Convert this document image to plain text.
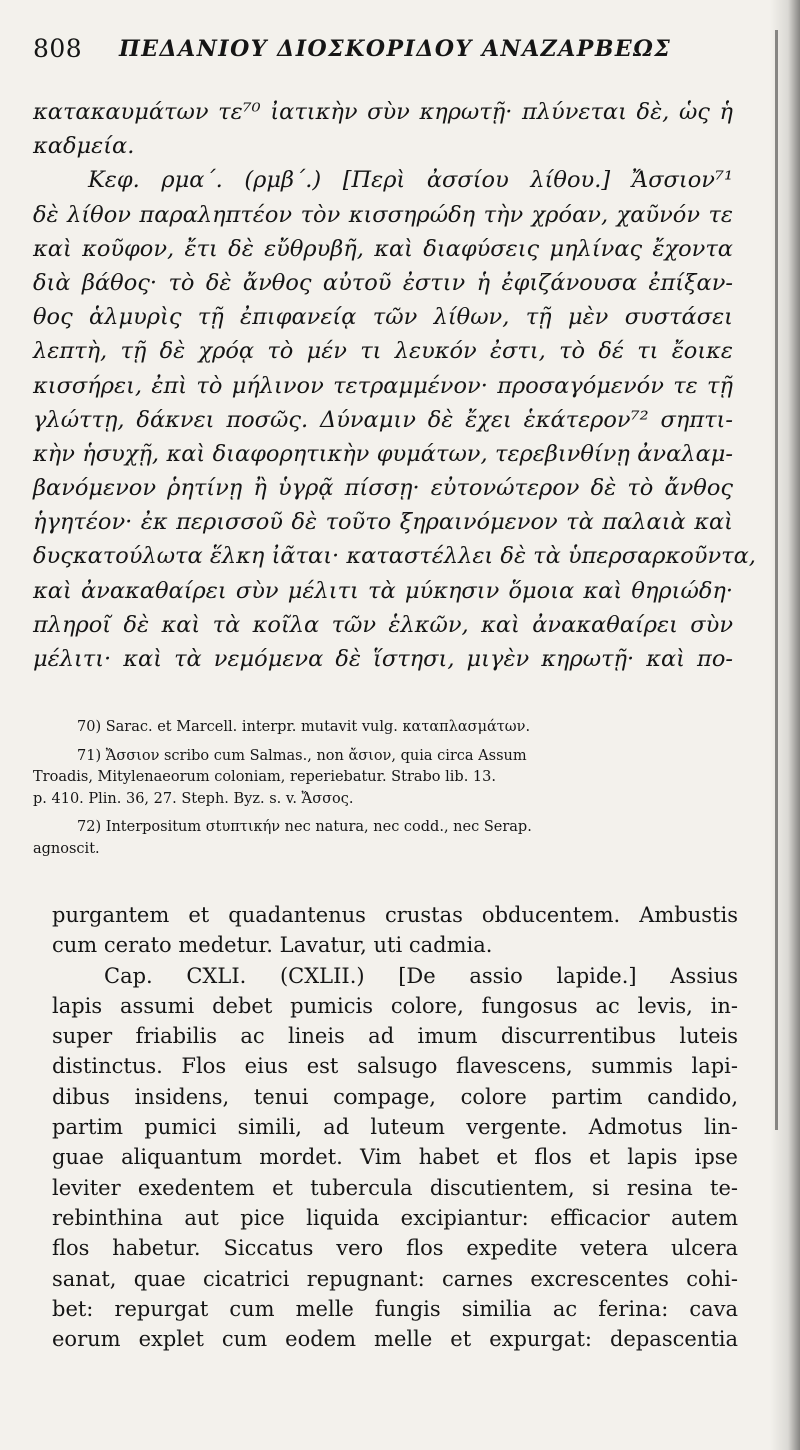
808 ΠΕΔΑΝΙΟΥ ΔΙΟΣΚΟΡΙΔΟΥ ΑΝΑΖΑΡΒΕΩΣ
κατακαυμάτων τε⁷⁰ ἰατικὴν σὺν κηρωτῇ· πλύνεται δὲ, ὡς ἡ
καδμεία.
Κεφ. ρμα΄. (ρμβ΄.) [Περὶ ἀσσίου λίθου.] Ἄσσιον⁷¹
δὲ λίθον παραληπτέον τὸν κισσηρώδη τὴν χρόαν, χαῦνόν τε
καὶ κοῦφον, ἔτι δὲ εὔθρυβῆ, καὶ διαφύσεις μηλίνας ἔχοντα
διὰ βάθος· τὸ δὲ ἄνθος αὐτοῦ ἐστιν ἡ ἐφιζάνουσα ἐπίξαν-
θος ἁλμυρὶς τῇ ἐπιφανείᾳ τῶν λίθων, τῇ μὲν συστάσει
λεπτὴ, τῇ δὲ χρόᾳ τὸ μέν τι λευκόν ἐστι, τὸ δέ τι ἔοικε
κισσήρει, ἐπὶ τὸ μήλινον τετραμμένον· προσαγόμενόν τε τῇ
γλώττῃ, δάκνει ποσῶς. Δύναμιν δὲ ἔχει ἑκάτερον⁷² σηπτι-
κὴν ἡσυχῇ, καὶ διαφορητικὴν φυμάτων, τερεβινθίνῃ ἀναλαμ-
βανόμενον ῥητίνῃ ἢ ὑγρᾷ πίσσῃ· εὐτονώτερον δὲ τὸ ἄνθος
ἡγητέον· ἐκ περισσοῦ δὲ τοῦτο ξηραινόμενον τὰ παλαιὰ καὶ
δυςκατούλωτα ἕλκη ἰᾶται· καταστέλλει δὲ τὰ ὑπερσαρκοῦντα,
καὶ ἀνακαθαίρει σὺν μέλιτι τὰ μύκησιν ὅμοια καὶ θηριώδη·
πληροῖ δὲ καὶ τὰ κοῖλα τῶν ἑλκῶν, καὶ ἀνακαθαίρει σὺν
μέλιτι· καὶ τὰ νεμόμενα δὲ ἵστησι, μιγὲν κηρωτῇ· καὶ πο-
70) Sarac. et Marcell. interpr. mutavit vulg. καταπλασμάτων.
71) Ἄσσιον scribo cum Salmas., non ἄσιον, quia circa Assum
Troadis, Mitylenaeorum coloniam, reperiebatur. Strabo lib. 13.
p. 410. Plin. 36, 27. Steph. Byz. s. v. Ἄσσος.
72) Interpositum σtυπτικήν nec natura, nec codd., nec Serap.
agnoscit.
purgantem et quadantenus crustas obducentem. Ambustis
cum cerato medetur. Lavatur, uti cadmia.
Cap. CXLI. (CXLII.) [De assio lapide.] Assius
lapis assumi debet pumicis colore, fungosus ac levis, in-
super friabilis ac lineis ad imum discurrentibus luteis
distinctus. Flos eius est salsugo flavescens, summis lapi-
dibus insidens, tenui compage, colore partim candido,
partim pumici simili, ad luteum vergente. Admotus lin-
guae aliquantum mordet. Vim habet et flos et lapis ipse
leviter exedentem et tubercula discutientem, si resina te-
rebinthina aut pice liquida excipiantur: efficacior autem
flos habetur. Siccatus vero flos expedite vetera ulcera
sanat, quae cicatrici repugnant: carnes excrescentes cohi-
bet: repurgat cum melle fungis similia ac ferina: cava
eorum explet cum eodem melle et expurgat: depascentia
